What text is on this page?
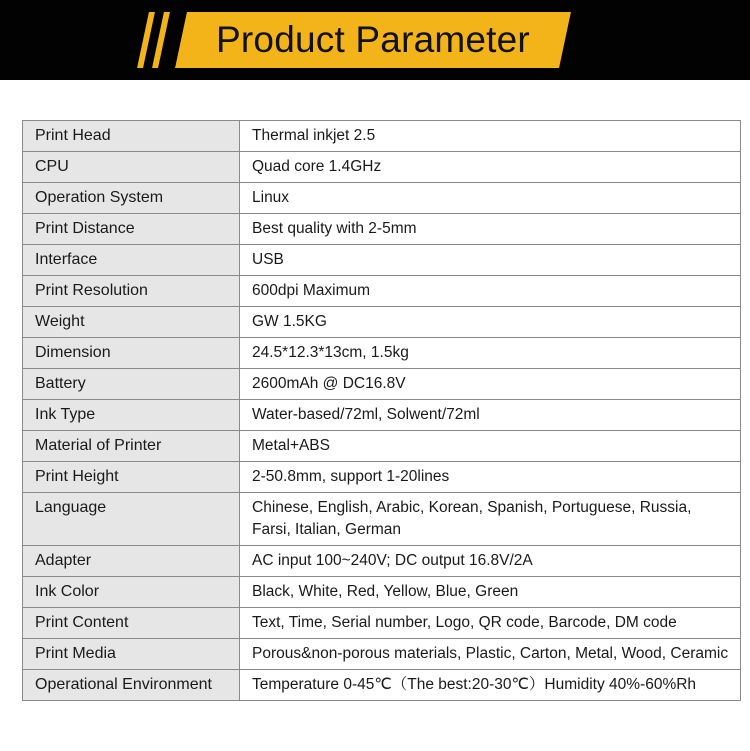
Product Parameter
Print Head	Thermal inkjet 2.5
CPU	Quad core 1.4GHz
Operation System	Linux
Print Distance	Best quality with 2-5mm
Interface	USB
Print Resolution	600dpi Maximum
Weight	GW 1.5KG
Dimension	24.5*12.3*13cm, 1.5kg
Battery	2600mAh @ DC16.8V
Ink Type	Water-based/72ml, Solwent/72ml
Material of Printer	Metal+ABS
Print Height	2-50.8mm, support 1-20lines
Language	Chinese, English, Arabic, Korean, Spanish, Portuguese, Russia, Farsi, Italian, German
Adapter	AC input 100~240V; DC output 16.8V/2A
Ink Color	Black, White, Red, Yellow, Blue, Green
Print Content	Text, Time, Serial number, Logo, QR code, Barcode, DM code
Print Media	Porous&non-porous materials, Plastic, Carton, Metal, Wood, Ceramic
Operational Environment	Temperature 0-45℃（The best:20-30℃）Humidity 40%-60%Rh
